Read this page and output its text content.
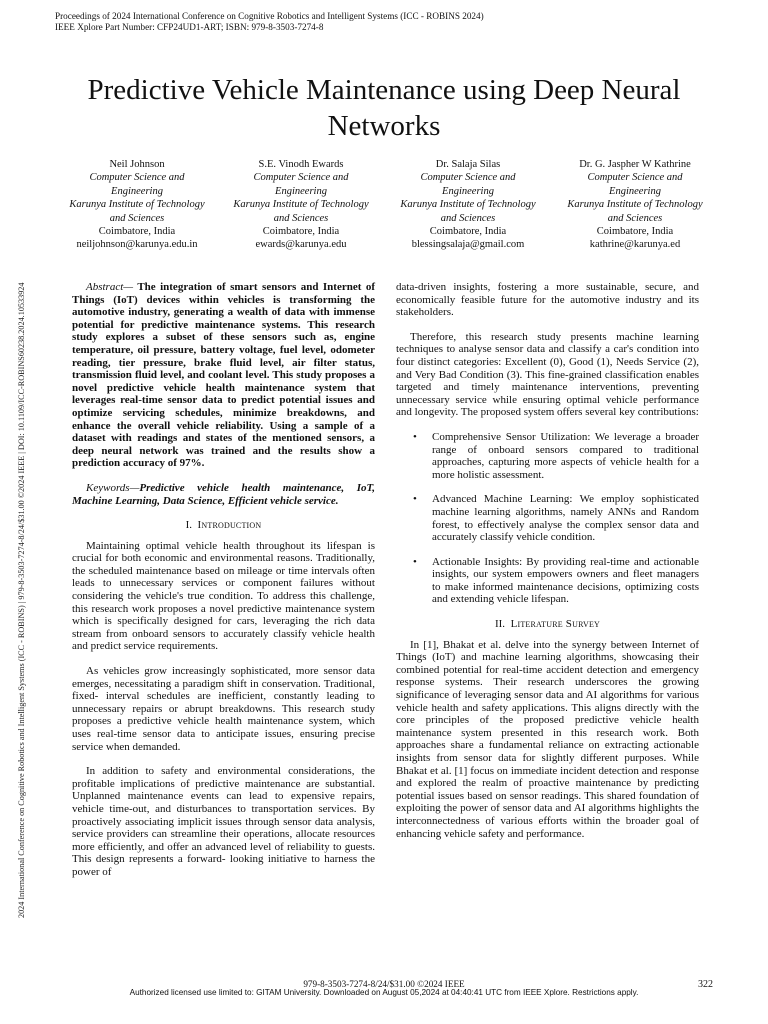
Proceedings of 2024 International Conference on Cognitive Robotics and Intelligent Systems (ICC - ROBINS 2024)
IEEE Xplore Part Number: CFP24UD1-ART; ISBN: 979-8-3503-7274-8
2024 International Conference on Cognitive Robotics and Intelligent Systems (ICC - ROBINS) | 979-8-3503-7274-8/24/$31.00 ©2024 IEEE | DOI: 10.1109/ICC-ROBINS60238.2024.10533924
Predictive Vehicle Maintenance using Deep Neural Networks
Neil Johnson
Computer Science and
Engineering
Karunya Institute of Technology
and Sciences
Coimbatore, India
neiljohnson@karunya.edu.in
S.E. Vinodh Ewards
Computer Science and
Engineering
Karunya Institute of Technology
and Sciences
Coimbatore, India
ewards@karunya.edu
Dr. Salaja Silas
Computer Science and
Engineering
Karunya Institute of Technology
and Sciences
Coimbatore, India
blessingsalaja@gmail.com
Dr. G. Jaspher W Kathrine
Computer Science and
Engineering
Karunya Institute of Technology
and Sciences
Coimbatore, India
kathrine@karunya.ed

Abstract— The integration of smart sensors and Internet of Things (IoT) devices within vehicles is transforming the automotive industry, generating a wealth of data with immense potential for predictive maintenance systems. This research study explores a subset of these sensors such as, engine temperature, oil pressure, battery voltage, fuel level, odometer reading, tier pressure, brake fluid level, air filter status, transmission fluid level, and coolant level. This study proposes a novel predictive vehicle health maintenance system that leverages real-time sensor data to predict potential issues and optimize servicing schedules, minimize breakdowns, and enhance the overall vehicle reliability. Using a sample of a dataset with readings and states of the mentioned sensors, a deep neural network was trained and the results show a prediction accuracy of 97%.

Keywords—Predictive vehicle health maintenance, IoT, Machine Learning, Data Science, Efficient vehicle service.

I. Introduction

Maintaining optimal vehicle health throughout its lifespan is crucial for both economic and environmental reasons. Traditionally, the scheduled maintenance based on mileage or time intervals often leads to unnecessary services or component failures without considering the vehicle's true condition. To address this challenge, this research work proposes a novel predictive maintenance system which is specifically designed for cars, leveraging the rich data stream from onboard sensors to accurately classify vehicle health and predict service requirements.

As vehicles grow increasingly sophisticated, more sensor data emerges, necessitating a paradigm shift in conservation. Traditional, fixed- interval schedules are inefficient, constantly leading to unnecessary repairs or abrupt breakdowns. This research study proposes a predictive vehicle health maintenance system, which uses real-time sensor data to anticipate issues, ensuring precise service when demanded.

In addition to safety and environmental considerations, the profitable implications of predictive maintenance are substantial. Unplanned maintenance events can lead to expensive repairs, vehicle time-out, and disturbances to transportation services. By proactively associating implicit issues through sensor data analysis, service providers can streamline their operations, allocate resources more efficiently, and offer an advanced level of reliability to guests. This design represents a forward- looking initiative to harness the power of

data-driven insights, fostering a more sustainable, secure, and economically feasible future for the automotive industry and its stakeholders.

Therefore, this research study presents machine learning techniques to analyse sensor data and classify a car's condition into four distinct categories: Excellent (0), Good (1), Needs Service (2), and Very Bad Condition (3). This fine-grained classification enables targeted and timely maintenance interventions, preventing unnecessary service while ensuring optimal vehicle performance and longevity. The proposed system offers several key contributions:

• Comprehensive Sensor Utilization: We leverage a broader range of onboard sensors compared to traditional approaches, capturing more aspects of vehicle health for a more holistic assessment.
• Advanced Machine Learning: We employ sophisticated machine learning algorithms, namely ANNs and Random forest, to effectively analyse the complex sensor data and accurately classify vehicle condition.
• Actionable Insights: By providing real-time and actionable insights, our system empowers owners and fleet managers to make informed maintenance decisions, optimizing costs and extending vehicle lifespan.
II. Literature Survey

In [1], Bhakat et al. delve into the synergy between Internet of Things (IoT) and machine learning algorithms, showcasing their combined potential for real-time accident detection and emergency response systems. Their research underscores the growing significance of leveraging sensor data and AI algorithms for various vehicle health and safety applications. This aligns directly with the core principles of the proposed predictive vehicle health maintenance system presented in this research work. Both approaches share a fundamental reliance on extracting actionable insights from sensor data for slightly different purposes. While Bhakat et al. [1] focus on immediate incident detection and response and explored the realm of proactive maintenance by predicting potential issues based on sensor readings. This shared foundation of exploiting the power of sensor data and AI algorithms highlights the interconnectedness of various efforts within the broader goal of enhancing vehicle safety and performance.

979-8-3503-7274-8/24/$31.00 ©2024 IEEE	322
Authorized licensed use limited to: GITAM University. Downloaded on August 05,2024 at 04:40:41 UTC from IEEE Xplore. Restrictions apply.
